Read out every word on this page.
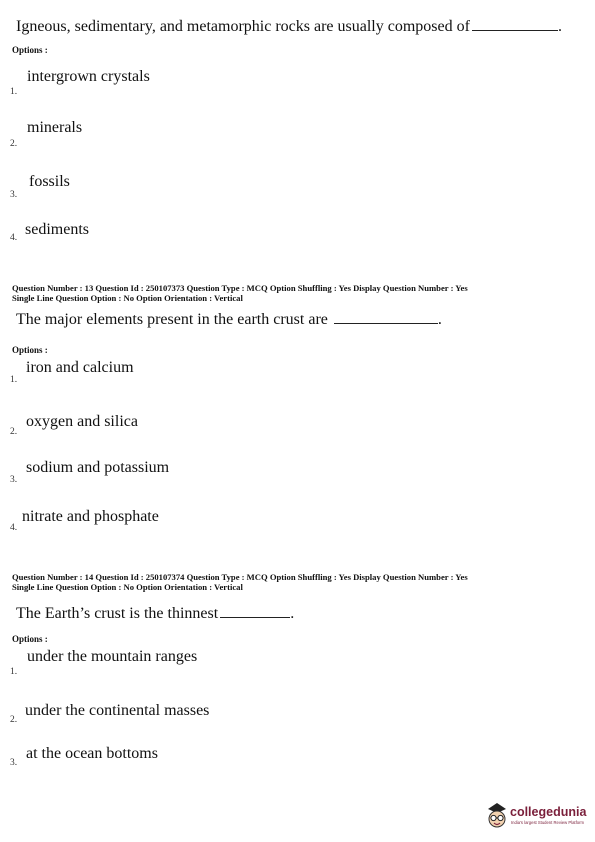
Igneous, sedimentary, and metamorphic rocks are usually composed of	.
Options :
intergrown crystals
1.
minerals
2.
fossils
3.
sediments
4.
Question Number : 13 Question Id : 250107373 Question Type : MCQ Option Shuffling : Yes Display Question Number : Yes
Single Line Question Option : No Option Orientation : Vertical
The major elements present in the earth crust are	.
Options :
iron and calcium
1.
oxygen and silica
2.
sodium and potassium
3.
nitrate and phosphate
4.
Question Number : 14 Question Id : 250107374 Question Type : MCQ Option Shuffling : Yes Display Question Number : Yes
Single Line Question Option : No Option Orientation : Vertical
The Earth’s crust is the thinnest	.
Options :
under the mountain ranges
1.
under the continental masses
2.
at the ocean bottoms
3.
collegedunia
India's largest Student Review Platform
